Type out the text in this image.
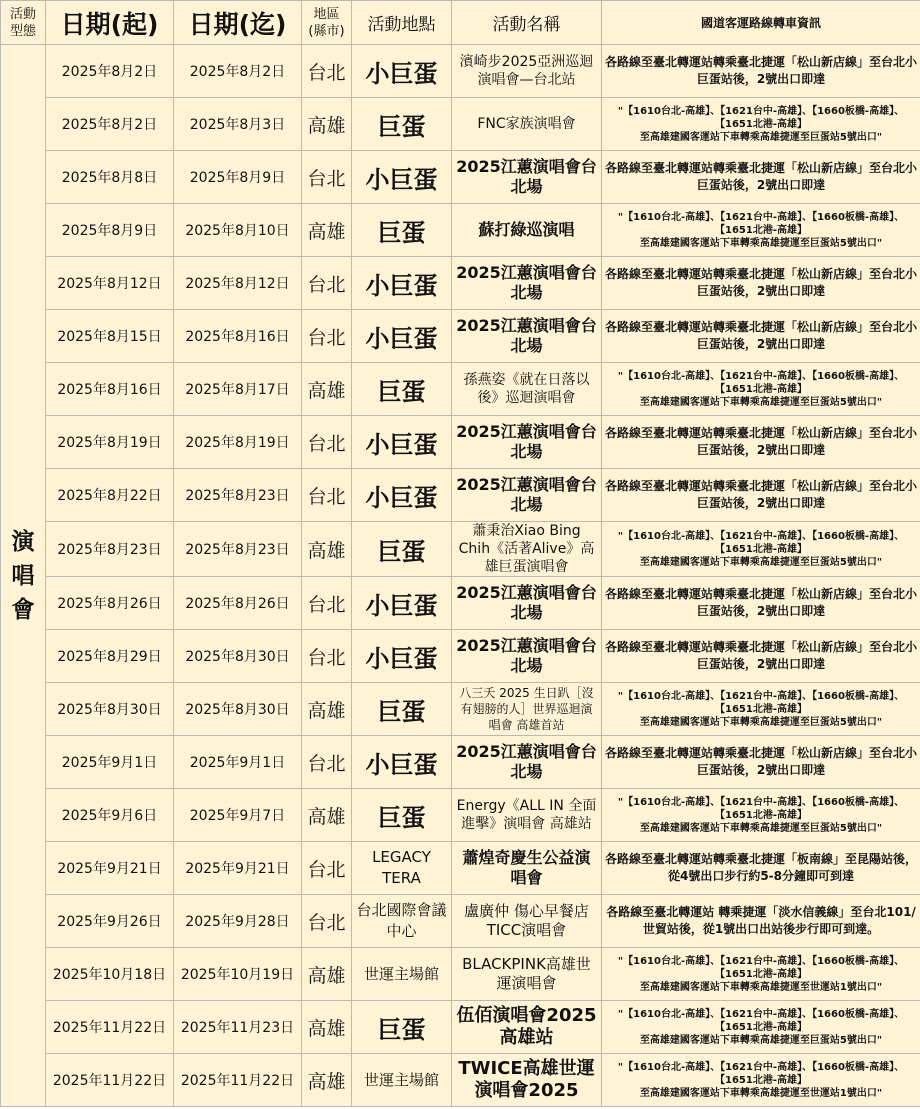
活動
型態	日期(起)	日期(迄)	地區
(縣市)	活動地點	活動名稱	國道客運路線轉車資訊

演唱會	2025年8月2日	2025年8月2日	台北	小巨蛋	濱崎步2025亞洲巡迴演唱會—台北站	各路線至臺北轉運站轉乘臺北捷運「松山新店線」至台北小巨蛋站後，2號出口即達
	2025年8月2日	2025年8月3日	高雄	巨蛋	FNC家族演唱會	"【1610台北-高雄】、【1621台中-高雄】、【1660板橋-高雄】、【1651北港-高雄】
至高雄建國客運站下車轉乘高雄捷運至巨蛋站5號出口"
	2025年8月8日	2025年8月9日	台北	小巨蛋	2025江蕙演唱會台北場	各路線至臺北轉運站轉乘臺北捷運「松山新店線」至台北小巨蛋站後，2號出口即達
	2025年8月9日	2025年8月10日	高雄	巨蛋	蘇打綠巡演唱	"【1610台北-高雄】、【1621台中-高雄】、【1660板橋-高雄】、【1651北港-高雄】
至高雄建國客運站下車轉乘高雄捷運至巨蛋站5號出口"
	2025年8月12日	2025年8月12日	台北	小巨蛋	2025江蕙演唱會台北場	各路線至臺北轉運站轉乘臺北捷運「松山新店線」至台北小巨蛋站後，2號出口即達
	2025年8月15日	2025年8月16日	台北	小巨蛋	2025江蕙演唱會台北場	各路線至臺北轉運站轉乘臺北捷運「松山新店線」至台北小巨蛋站後，2號出口即達
	2025年8月16日	2025年8月17日	高雄	巨蛋	孫燕姿《就在日落以後》巡迴演唱會	"【1610台北-高雄】、【1621台中-高雄】、【1660板橋-高雄】、【1651北港-高雄】
至高雄建國客運站下車轉乘高雄捷運至巨蛋站5號出口"
	2025年8月19日	2025年8月19日	台北	小巨蛋	2025江蕙演唱會台北場	各路線至臺北轉運站轉乘臺北捷運「松山新店線」至台北小巨蛋站後，2號出口即達
	2025年8月22日	2025年8月23日	台北	小巨蛋	2025江蕙演唱會台北場	各路線至臺北轉運站轉乘臺北捷運「松山新店線」至台北小巨蛋站後，2號出口即達
	2025年8月23日	2025年8月23日	高雄	巨蛋	蕭秉治Xiao Bing Chih《活著Alive》高雄巨蛋演唱會	"【1610台北-高雄】、【1621台中-高雄】、【1660板橋-高雄】、【1651北港-高雄】
至高雄建國客運站下車轉乘高雄捷運至巨蛋站5號出口"
	2025年8月26日	2025年8月26日	台北	小巨蛋	2025江蕙演唱會台北場	各路線至臺北轉運站轉乘臺北捷運「松山新店線」至台北小巨蛋站後，2號出口即達
	2025年8月29日	2025年8月30日	台北	小巨蛋	2025江蕙演唱會台北場	各路線至臺北轉運站轉乘臺北捷運「松山新店線」至台北小巨蛋站後，2號出口即達
	2025年8月30日	2025年8月30日	高雄	巨蛋	八三夭 2025 生日趴［沒有翅膀的人］世界巡迴演唱會 高雄首站	"【1610台北-高雄】、【1621台中-高雄】、【1660板橋-高雄】、【1651北港-高雄】
至高雄建國客運站下車轉乘高雄捷運至巨蛋站5號出口"
	2025年9月1日	2025年9月1日	台北	小巨蛋	2025江蕙演唱會台北場	各路線至臺北轉運站轉乘臺北捷運「松山新店線」至台北小巨蛋站後，2號出口即達
	2025年9月6日	2025年9月7日	高雄	巨蛋	Energy《ALL IN 全面進擊》演唱會 高雄站	"【1610台北-高雄】、【1621台中-高雄】、【1660板橋-高雄】、【1651北港-高雄】
至高雄建國客運站下車轉乘高雄捷運至巨蛋站5號出口"
	2025年9月21日	2025年9月21日	台北	LEGACY TERA	蕭煌奇慶生公益演唱會	各路線至臺北轉運站轉乘臺北捷運「板南線」至昆陽站後，從4號出口步行約5-8分鐘即可到達
	2025年9月26日	2025年9月28日	台北	台北國際會議中心	盧廣仲 傷心早餐店TICC演唱會	各路線至臺北轉運站 轉乘捷運「淡水信義線」至台北101/世貿站後，從1號出口出站後步行即可到達。
	2025年10月18日	2025年10月19日	高雄	世運主場館	BLACKPINK高雄世運演唱會	"【1610台北-高雄】、【1621台中-高雄】、【1660板橋-高雄】、【1651北港-高雄】
至高雄建國客運站下車轉乘高雄捷運至世運站1號出口"
	2025年11月22日	2025年11月23日	高雄	巨蛋	伍佰演唱會2025高雄站	"【1610台北-高雄】、【1621台中-高雄】、【1660板橋-高雄】、【1651北港-高雄】
至高雄建國客運站下車轉乘高雄捷運至巨蛋站5號出口"
	2025年11月22日	2025年11月22日	高雄	世運主場館	TWICE高雄世運演唱會2025	"【1610台北-高雄】、【1621台中-高雄】、【1660板橋-高雄】、【1651北港-高雄】
至高雄建國客運站下車轉乘高雄捷運至世運站1號出口"
